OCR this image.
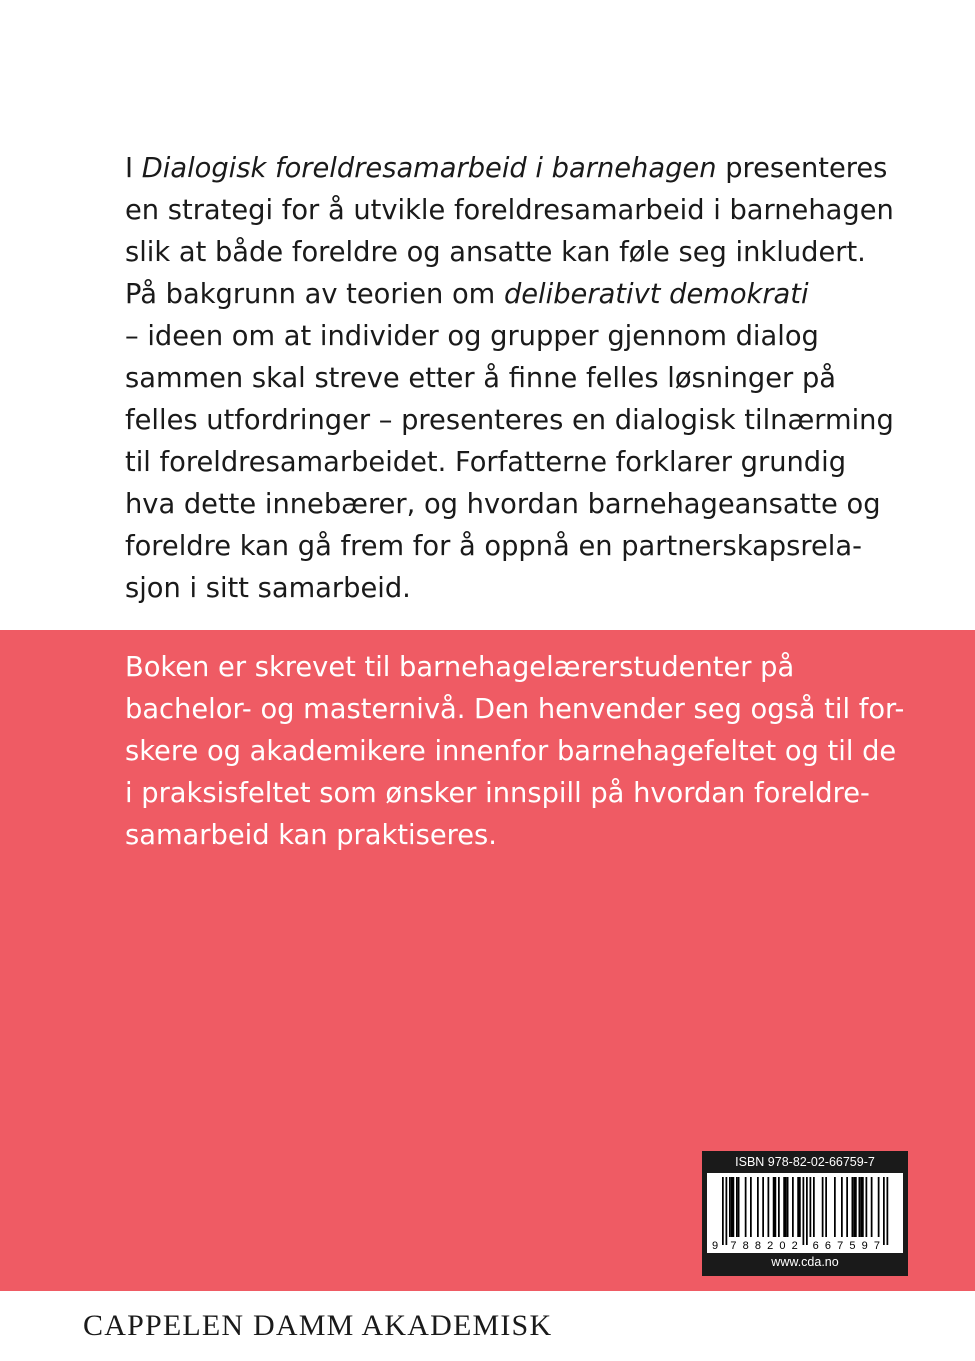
I Dialogisk foreldresamarbeid i barnehagen presenteres
en strategi for å utvikle foreldresamarbeid i barnehagen
slik at både foreldre og ansatte kan føle seg inkludert.
På bakgrunn av teorien om deliberativt demokrati
– ideen om at individer og grupper gjennom dialog
sammen skal streve etter å finne felles løsninger på
felles utfordringer – presenteres en dialogisk tilnærming
til foreldresamarbeidet. Forfatterne forklarer grundig
hva dette innebærer, og hvordan barnehageansatte og
foreldre kan gå frem for å oppnå en partnerskapsrela-
sjon i sitt samarbeid.
Boken er skrevet til barnehagelærerstudenter på
bachelor- og masternivå. Den henvender seg også til for-
skere og akademikere innenfor barnehagefeltet og til de
i praksisfeltet som ønsker innspill på hvordan foreldre-
samarbeid kan praktiseres.
ISBN 978-82-02-66759-7
9 7 8 8 2 0 2 6 6 7 5 9 7
www.cda.no
CAPPELEN DAMM AKADEMISK
